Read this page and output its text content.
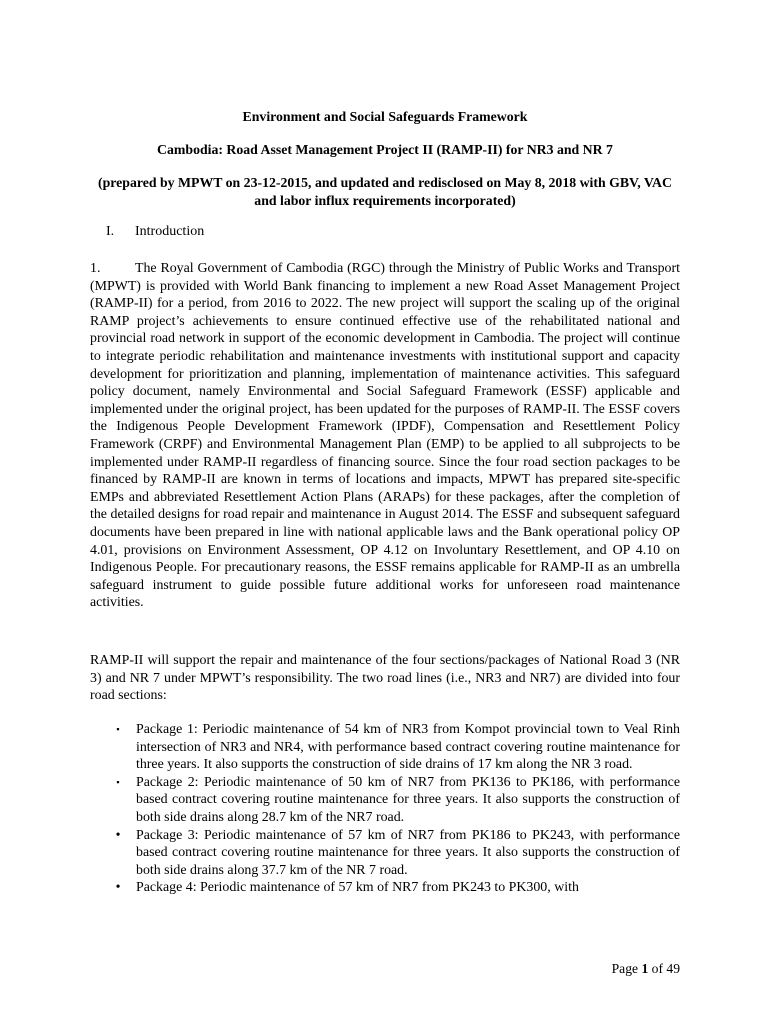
Environment and Social Safeguards Framework
Cambodia: Road Asset Management Project II (RAMP-II) for NR3 and NR 7
(prepared by MPWT on 23-12-2015, and updated and redisclosed on May 8, 2018 with GBV, VAC and labor influx requirements incorporated)
I. Introduction
1. The Royal Government of Cambodia (RGC) through the Ministry of Public Works and Transport (MPWT) is provided with World Bank financing to implement a new Road Asset Management Project (RAMP-II) for a period, from 2016 to 2022. The new project will support the scaling up of the original RAMP project’s achievements to ensure continued effective use of the rehabilitated national and provincial road network in support of the economic development in Cambodia. The project will continue to integrate periodic rehabilitation and maintenance investments with institutional support and capacity development for prioritization and planning, implementation of maintenance activities. This safeguard policy document, namely Environmental and Social Safeguard Framework (ESSF) applicable and implemented under the original project, has been updated for the purposes of RAMP-II. The ESSF covers the Indigenous People Development Framework (IPDF), Compensation and Resettlement Policy Framework (CRPF) and Environmental Management Plan (EMP) to be applied to all subprojects to be implemented under RAMP-II regardless of financing source. Since the four road section packages to be financed by RAMP-II are known in terms of locations and impacts, MPWT has prepared site-specific EMPs and abbreviated Resettlement Action Plans (ARAPs) for these packages, after the completion of the detailed designs for road repair and maintenance in August 2014. The ESSF and subsequent safeguard documents have been prepared in line with national applicable laws and the Bank operational policy OP 4.01, provisions on Environment Assessment, OP 4.12 on Involuntary Resettlement, and OP 4.10 on Indigenous People. For precautionary reasons, the ESSF remains applicable for RAMP-II as an umbrella safeguard instrument to guide possible future additional works for unforeseen road maintenance activities.
RAMP-II will support the repair and maintenance of the four sections/packages of National Road 3 (NR 3) and NR 7 under MPWT’s responsibility. The two road lines (i.e., NR3 and NR7) are divided into four road sections:
▪	Package 1: Periodic maintenance of 54 km of NR3 from Kompot provincial town to Veal Rinh intersection of NR3 and NR4, with performance based contract covering routine maintenance for three years. It also supports the construction of side drains of 17 km along the NR 3 road.
▪	Package 2: Periodic maintenance of 50 km of NR7 from PK136 to PK186, with performance based contract covering routine maintenance for three years. It also supports the construction of both side drains along 28.7 km of the NR7 road.
• Package 3: Periodic maintenance of 57 km of NR7 from PK186 to PK243, with performance based contract covering routine maintenance for three years. It also supports the construction of both side drains along 37.7 km of the NR 7 road.
• Package 4: Periodic maintenance of 57 km of NR7 from PK243 to PK300, with
Page 1 of 49
